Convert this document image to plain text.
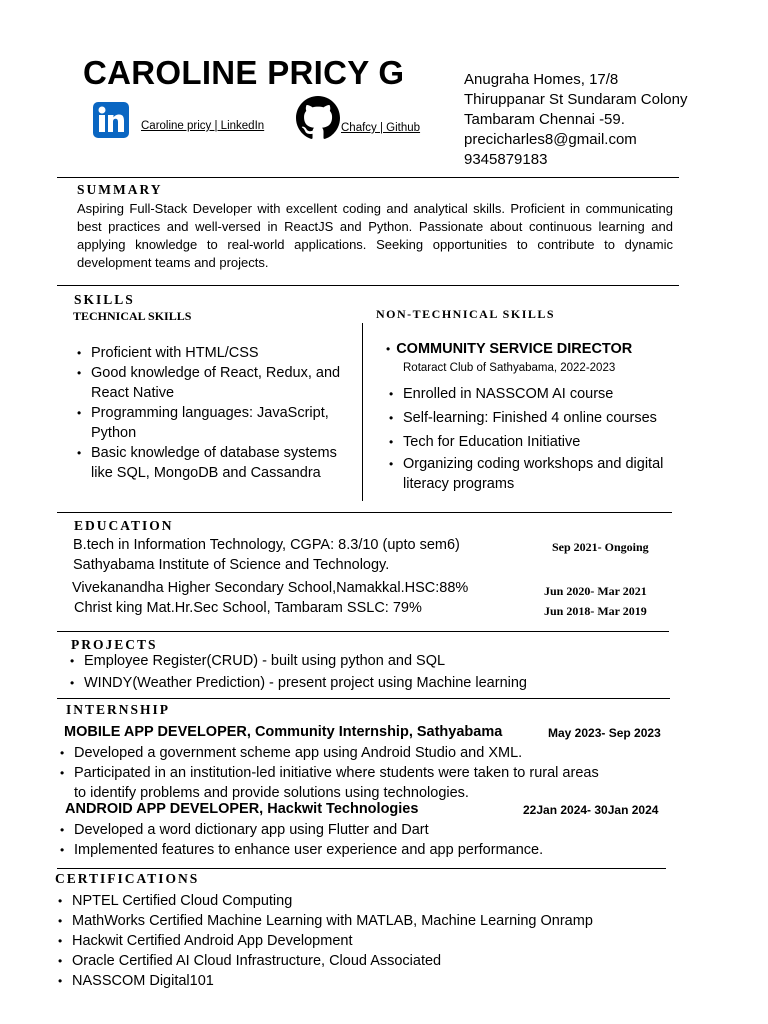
CAROLINE PRICY G
Caroline pricy | LinkedIn	Chafcy | Github
Anugraha Homes, 17/8
Thiruppanar St Sundaram Colony
Tambaram Chennai -59.
precicharles8@gmail.com
9345879183
SUMMARY
Aspiring Full-Stack Developer with excellent coding and analytical skills. Proficient in communicating best practices and well-versed in ReactJS and Python. Passionate about continuous learning and applying knowledge to real-world applications. Seeking opportunities to contribute to dynamic development teams and projects.
SKILLS
TECHNICAL SKILLS
• Proficient with HTML/CSS
• Good knowledge of React, Redux, and React Native
• Programming languages: JavaScript, Python
• Basic knowledge of database systems like SQL, MongoDB and Cassandra
NON-TECHNICAL SKILLS
• COMMUNITY SERVICE DIRECTOR
Rotaract Club of Sathyabama, 2022-2023
• Enrolled in NASSCOM AI course
• Self-learning: Finished 4 online courses
• Tech for Education Initiative
• Organizing coding workshops and digital literacy programs
EDUCATION
B.tech in Information Technology, CGPA: 8.3/10 (upto sem6)	Sep 2021- Ongoing
Sathyabama Institute of Science and Technology.
Vivekanandha Higher Secondary School,Namakkal.HSC:88%	Jun 2020- Mar 2021
Christ king Mat.Hr.Sec School, Tambaram SSLC: 79%	Jun 2018- Mar 2019
PROJECTS
• Employee Register(CRUD) - built using python and SQL
• WINDY(Weather Prediction) - present project using Machine learning
INTERNSHIP
MOBILE APP DEVELOPER, Community Internship, Sathyabama	May 2023- Sep 2023
• Developed a government scheme app using Android Studio and XML.
• Participated in an institution-led initiative where students were taken to rural areas to identify problems and provide solutions using technologies.
ANDROID APP DEVELOPER, Hackwit Technologies	22Jan 2024- 30Jan 2024
• Developed a word dictionary app using Flutter and Dart
• Implemented features to enhance user experience and app performance.
CERTIFICATIONS
• NPTEL Certified Cloud Computing
• MathWorks Certified Machine Learning with MATLAB, Machine Learning Onramp
• Hackwit Certified Android App Development
• Oracle Certified AI Cloud Infrastructure, Cloud Associated
• NASSCOM Digital101
